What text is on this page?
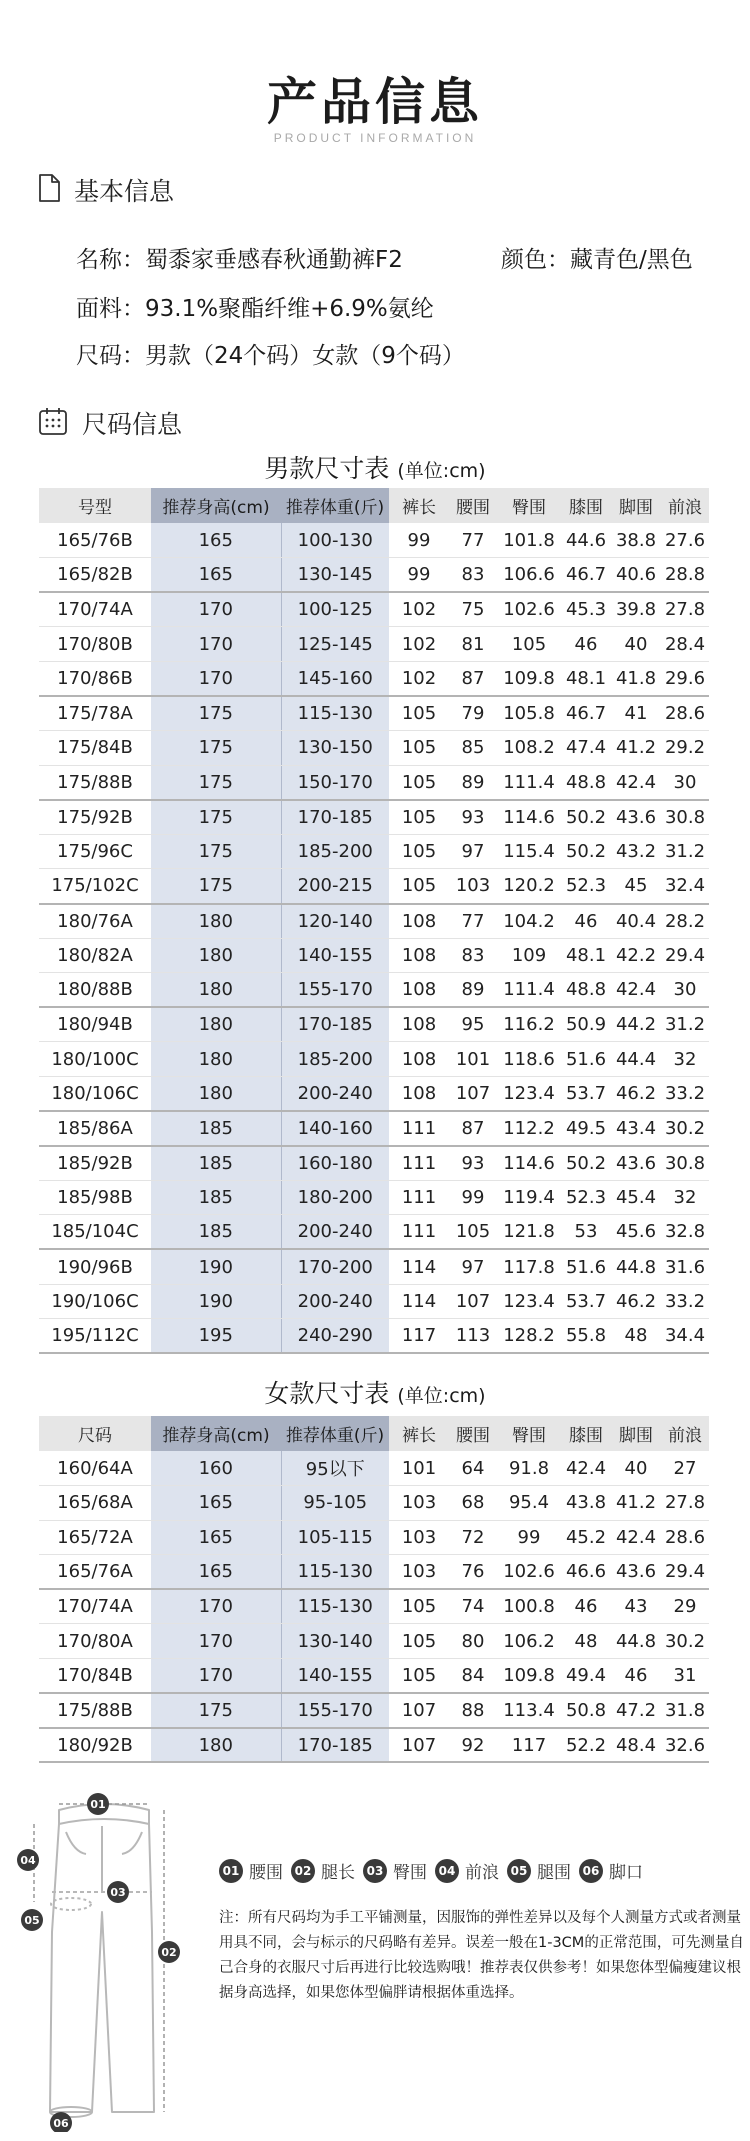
产品信息
PRODUCT INFORMATION
基本信息
名称：蜀黍家垂感春秋通勤裤F2	颜色：藏青色/黑色
面料：93.1%聚酯纤维+6.9%氨纶
尺码：男款（24个码）女款（9个码）
尺码信息
男款尺寸表 (单位:cm)
号型	推荐身高(cm)	推荐体重(斤)	裤长	腰围	臀围	膝围	脚围	前浪
165/76B	165	100-130	99	77	101.8	44.6	38.8	27.6
165/82B	165	130-145	99	83	106.6	46.7	40.6	28.8
170/74A	170	100-125	102	75	102.6	45.3	39.8	27.8
170/80B	170	125-145	102	81	105	46	40	28.4
170/86B	170	145-160	102	87	109.8	48.1	41.8	29.6
175/78A	175	115-130	105	79	105.8	46.7	41	28.6
175/84B	175	130-150	105	85	108.2	47.4	41.2	29.2
175/88B	175	150-170	105	89	111.4	48.8	42.4	30
175/92B	175	170-185	105	93	114.6	50.2	43.6	30.8
175/96C	175	185-200	105	97	115.4	50.2	43.2	31.2
175/102C	175	200-215	105	103	120.2	52.3	45	32.4
180/76A	180	120-140	108	77	104.2	46	40.4	28.2
180/82A	180	140-155	108	83	109	48.1	42.2	29.4
180/88B	180	155-170	108	89	111.4	48.8	42.4	30
180/94B	180	170-185	108	95	116.2	50.9	44.2	31.2
180/100C	180	185-200	108	101	118.6	51.6	44.4	32
180/106C	180	200-240	108	107	123.4	53.7	46.2	33.2
185/86A	185	140-160	111	87	112.2	49.5	43.4	30.2
185/92B	185	160-180	111	93	114.6	50.2	43.6	30.8
185/98B	185	180-200	111	99	119.4	52.3	45.4	32
185/104C	185	200-240	111	105	121.8	53	45.6	32.8
190/96B	190	170-200	114	97	117.8	51.6	44.8	31.6
190/106C	190	200-240	114	107	123.4	53.7	46.2	33.2
195/112C	195	240-290	117	113	128.2	55.8	48	34.4
女款尺寸表 (单位:cm)
尺码	推荐身高(cm)	推荐体重(斤)	裤长	腰围	臀围	膝围	脚围	前浪
160/64A	160	95以下	101	64	91.8	42.4	40	27
165/68A	165	95-105	103	68	95.4	43.8	41.2	27.8
165/72A	165	105-115	103	72	99	45.2	42.4	28.6
165/76A	165	115-130	103	76	102.6	46.6	43.6	29.4
170/74A	170	115-130	105	74	100.8	46	43	29
170/80A	170	130-140	105	80	106.2	48	44.8	30.2
170/84B	170	140-155	105	84	109.8	49.4	46	31
175/88B	175	155-170	107	88	113.4	50.8	47.2	31.8
180/92B	180	170-185	107	92	117	52.2	48.4	32.6
01
04
03
05
02
06
01 腰围 02 腿长 03 臀围 04 前浪 05 腿围 06 脚口
注：所有尺码均为手工平铺测量，因服饰的弹性差异以及每个人测量方式或者测量用具不同，会与标示的尺码略有差异。误差一般在1-3CM的正常范围，可先测量自己合身的衣服尺寸后再进行比较选购哦！推荐表仅供参考！如果您体型偏瘦建议根据身高选择，如果您体型偏胖请根据体重选择。
